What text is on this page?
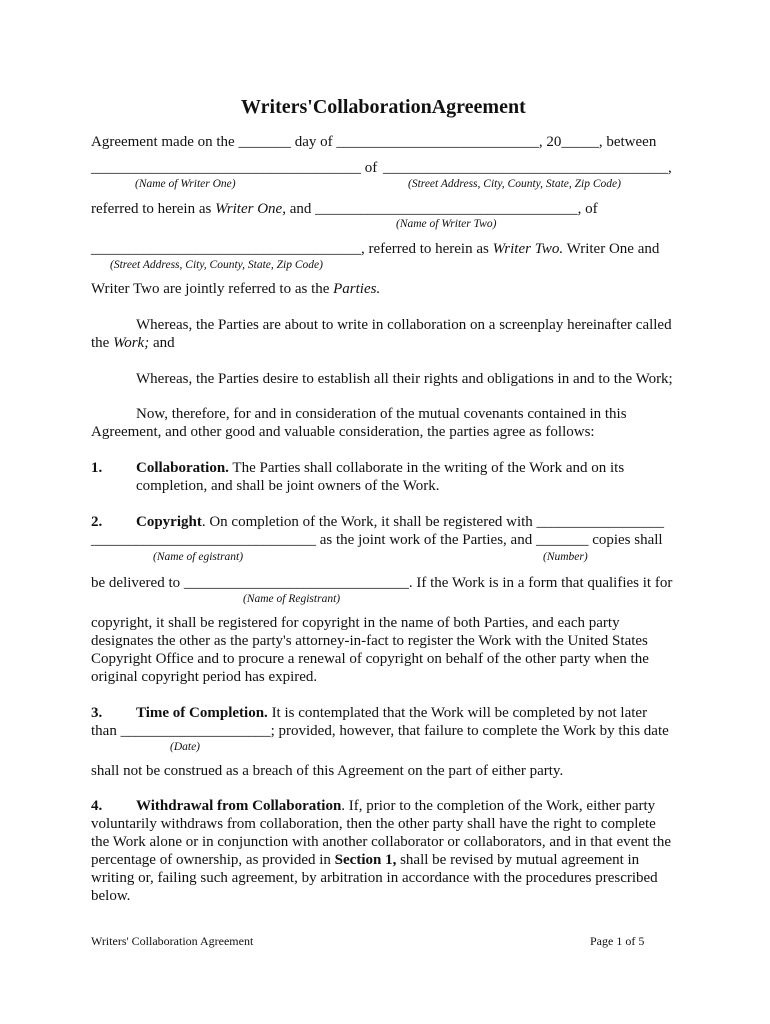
Writers'CollaborationAgreement
Agreement made on the _______ day of ___________________________, 20_____, between
____________________________________ of ______________________________________,
(Name of Writer One)	(Street Address, City, County, State, Zip Code)
referred to herein as Writer One, and ___________________________________, of
(Name of Writer Two)
____________________________________, referred to herein as Writer Two. Writer One and
(Street Address, City, County, State, Zip Code)
Writer Two are jointly referred to as the Parties.
Whereas, the Parties are about to write in collaboration on a screenplay hereinafter called
the Work; and
Whereas, the Parties desire to establish all their rights and obligations in and to the Work;
Now, therefore, for and in consideration of the mutual covenants contained in this
Agreement, and other good and valuable consideration, the parties agree as follows:
1. Collaboration. The Parties shall collaborate in the writing of the Work and on its
completion, and shall be joint owners of the Work.
2. Copyright. On completion of the Work, it shall be registered with _________________
______________________________ as the joint work of the Parties, and _______ copies shall
(Name of egistrant)	(Number)
be delivered to ______________________________. If the Work is in a form that qualifies it for
(Name of Registrant)
copyright, it shall be registered for copyright in the name of both Parties, and each party
designates the other as the party's attorney-in-fact to register the Work with the United States
Copyright Office and to procure a renewal of copyright on behalf of the other party when the
original copyright period has expired.
3. Time of Completion. It is contemplated that the Work will be completed by not later
than ____________________; provided, however, that failure to complete the Work by this date
(Date)
shall not be construed as a breach of this Agreement on the part of either party.
4. Withdrawal from Collaboration. If, prior to the completion of the Work, either party
voluntarily withdraws from collaboration, then the other party shall have the right to complete
the Work alone or in conjunction with another collaborator or collaborators, and in that event the
percentage of ownership, as provided in Section 1, shall be revised by mutual agreement in
writing or, failing such agreement, by arbitration in accordance with the procedures prescribed
below.
Writers' Collaboration Agreement	Page 1 of 5
